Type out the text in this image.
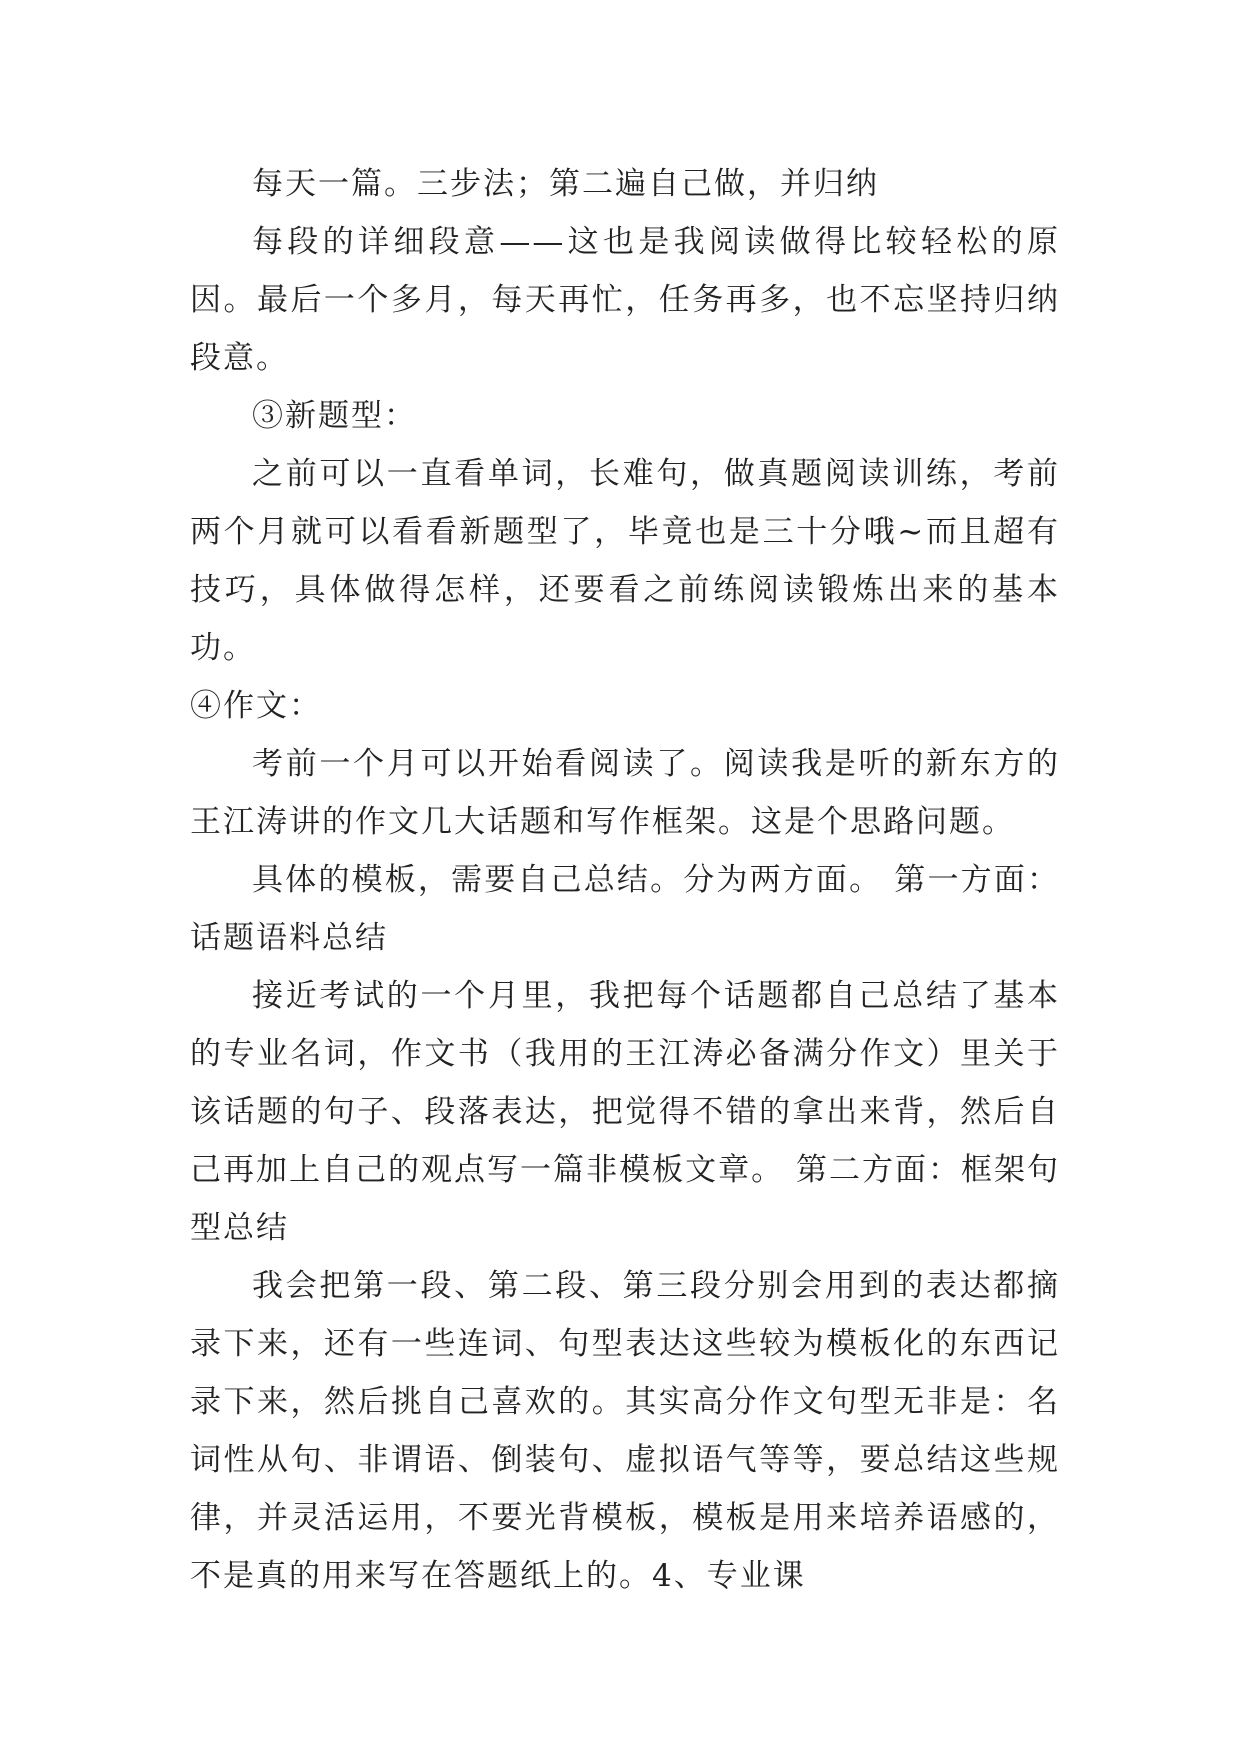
每天一篇。三步法；第二遍自己做，并归纳

每段的详细段意——这也是我阅读做得比较轻松的原因。最后一个多月，每天再忙，任务再多，也不忘坚持归纳段意。

③新题型：

之前可以一直看单词，长难句，做真题阅读训练，考前两个月就可以看看新题型了，毕竟也是三十分哦~而且超有技巧，具体做得怎样，还要看之前练阅读锻炼出来的基本功。

④作文：

考前一个月可以开始看阅读了。阅读我是听的新东方的王江涛讲的作文几大话题和写作框架。这是个思路问题。

具体的模板，需要自己总结。分为两方面。 第一方面：话题语料总结

接近考试的一个月里，我把每个话题都自己总结了基本的专业名词，作文书（我用的王江涛必备满分作文）里关于该话题的句子、段落表达，把觉得不错的拿出来背，然后自己再加上自己的观点写一篇非模板文章。 第二方面：框架句型总结

我会把第一段、第二段、第三段分别会用到的表达都摘录下来，还有一些连词、句型表达这些较为模板化的东西记录下来，然后挑自己喜欢的。其实高分作文句型无非是：名词性从句、非谓语、倒装句、虚拟语气等等，要总结这些规律，并灵活运用，不要光背模板，模板是用来培养语感的，不是真的用来写在答题纸上的。4、专业课
